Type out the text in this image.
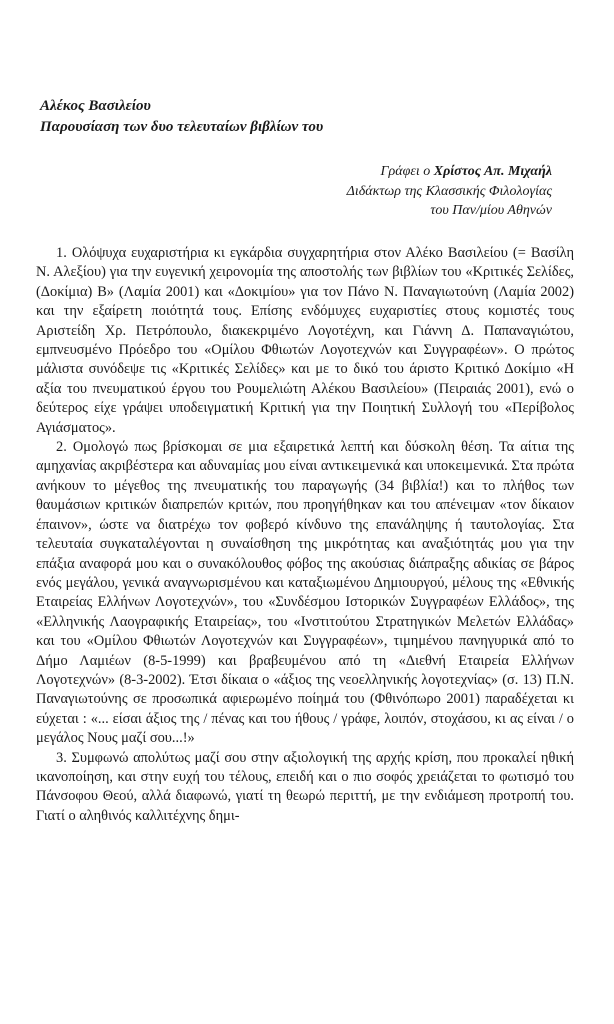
Αλέκος Βασιλείου
Παρουσίαση των δυο τελευταίων βιβλίων του
Γράφει ο Χρίστος Απ. Μιχαήλ
Διδάκτωρ της Κλασσικής Φιλολογίας
του Παν/μίου Αθηνών

1. Ολόψυχα ευχαριστήρια κι εγκάρδια συγχαρητήρια στον Αλέκο Βασιλείου (= Βασίλη Ν. Αλεξίου) για την ευγενική χειρονομία της αποστολής των βιβλίων του «Κριτικές Σελίδες, (Δοκίμια) Β» (Λαμία 2001) και «Δοκιμίου» για τον Πάνο Ν. Παναγιωτούνη (Λαμία 2002) και την εξαίρετη ποιότητά τους. Επίσης ενδόμυχες ευχαριστίες στους κομιστές τους Αριστείδη Χρ. Πετρόπουλο, διακεκριμένο Λογοτέχνη, και Γιάννη Δ. Παπαναγιώτου, εμπνευσμένο Πρόεδρο του «Ομίλου Φθιωτών Λογοτεχνών και Συγγραφέων». Ο πρώτος μάλιστα συνόδεψε τις «Κριτικές Σελίδες» και με το δικό του άριστο Κριτικό Δοκίμιο «Η αξία του πνευματικού έργου του Ρουμελιώτη Αλέκου Βασιλείου» (Πειραιάς 2001), ενώ ο δεύτερος είχε γράψει υποδειγματική Κριτική για την Ποιητική Συλλογή του «Περίβολος Αγιάσματος».

2. Ομολογώ πως βρίσκομαι σε μια εξαιρετικά λεπτή και δύσκολη θέση. Τα αίτια της αμηχανίας ακριβέστερα και αδυναμίας μου είναι αντικειμενικά και υποκειμενικά. Στα πρώτα ανήκουν το μέγεθος της πνευματικής του παραγωγής (34 βιβλία!) και το πλήθος των θαυμάσιων κριτικών διαπρεπών κριτών, που προηγήθηκαν και του απένειμαν «τον δίκαιον έπαινον», ώστε να διατρέχω τον φοβερό κίνδυνο της επανάληψης ή ταυτολογίας. Στα τελευταία συγκαταλέγονται η συναίσθηση της μικρότητας και αναξιότητάς μου για την επάξια αναφορά μου και ο συνακόλουθος φόβος της ακούσιας διάπραξης αδικίας σε βάρος ενός μεγάλου, γενικά αναγνωρισμένου και καταξιωμένου Δημιουργού, μέλους της «Εθνικής Εταιρείας Ελλήνων Λογοτεχνών», του «Συνδέσμου Ιστορικών Συγγραφέων Ελλάδος», της «Ελληνικής Λαογραφικής Εταιρείας», του «Ινστιτούτου Στρατηγικών Μελετών Ελλάδας» και του «Ομίλου Φθιωτών Λογοτεχνών και Συγγραφέων», τιμημένου πανηγυρικά από το Δήμο Λαμιέων (8-5-1999) και βραβευμένου από τη «Διεθνή Εταιρεία Ελλήνων Λογοτεχνών» (8-3-2002). Έτσι δίκαια ο «άξιος της νεοελληνικής λογοτεχνίας» (σ. 13) Π.Ν. Παναγιωτούνης σε προσωπικά αφιερωμένο ποίημά του (Φθινόπωρο 2001) παραδέχεται κι εύχεται : «... είσαι άξιος της / πένας και του ήθους / γράφε, λοιπόν, στοχάσου, κι ας είναι / ο μεγάλος Νους μαζί σου...!»

3. Συμφωνώ απολύτως μαζί σου στην αξιολογική της αρχής κρίση, που προκαλεί ηθική ικανοποίηση, και στην ευχή του τέλους, επειδή και ο πιο σοφός χρειάζεται το φωτισμό του Πάνσοφου Θεού, αλλά διαφωνώ, γιατί τη θεωρώ περιττή, με την ενδιάμεση προτροπή του. Γιατί ο αληθινός καλλιτέχνης δημι-
